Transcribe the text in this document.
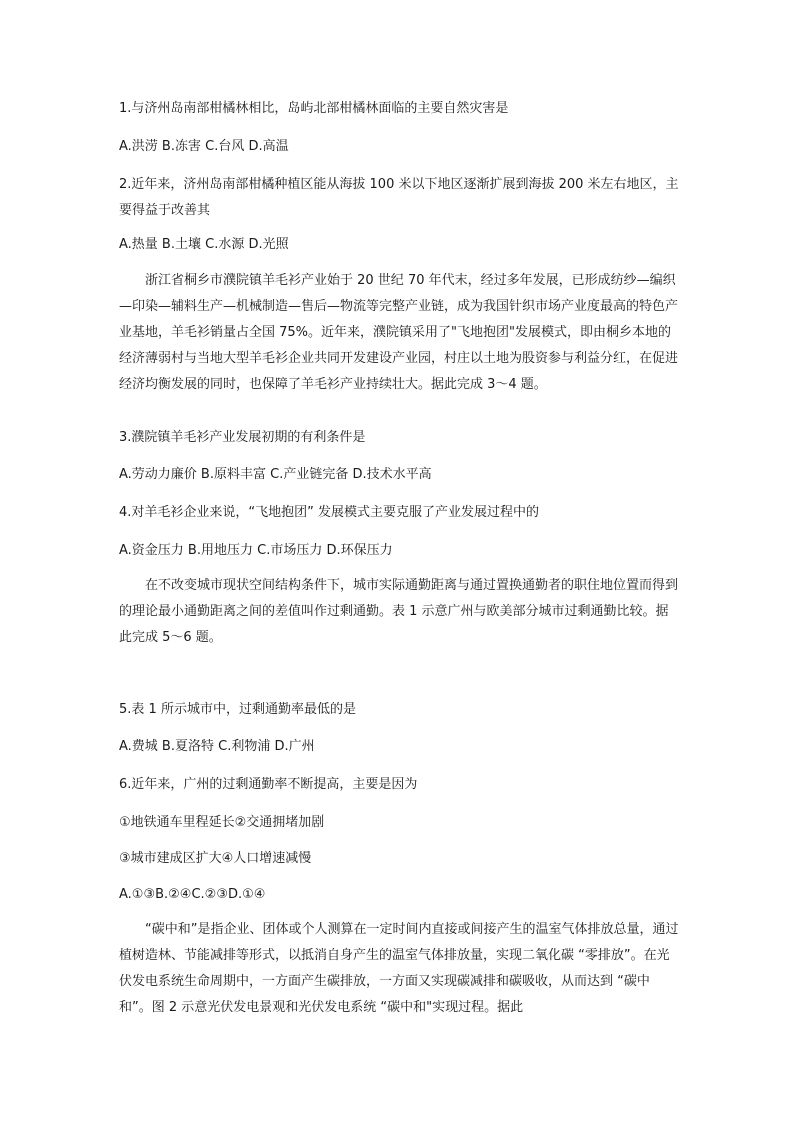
1.与济州岛南部柑橘林相比，岛屿北部柑橘林面临的主要自然灾害是
A.洪涝 B.冻害 C.台风 D.高温

2.近年来，济州岛南部柑橘种植区能从海拔 100 米以下地区逐渐扩展到海拔 200 米左右地区，主要得益于改善其

A.热量 B.土壤 C.水源 D.光照

浙江省桐乡市濮院镇羊毛衫产业始于 20 世纪 70 年代末，经过多年发展，已形成纺纱—编织—印染—辅料生产—机械制造—售后—物流等完整产业链，成为我国针织市场产业度最高的特色产业基地，羊毛衫销量占全国 75%。近年来，濮院镇采用了"飞地抱团"发展模式，即由桐乡本地的经济薄弱村与当地大型羊毛衫企业共同开发建设产业园，村庄以土地为股资参与利益分红，在促进经济均衡发展的同时，也保障了羊毛衫产业持续壮大。据此完成 3～4 题。

3.濮院镇羊毛衫产业发展初期的有利条件是
A.劳动力廉价 B.原料丰富 C.产业链完备 D.技术水平高
4.对羊毛衫企业来说，“飞地抱团” 发展模式主要克服了产业发展过程中的
A.资金压力 B.用地压力 C.市场压力 D.环保压力

在不改变城市现状空间结构条件下，城市实际通勤距离与通过置换通勤者的职住地位置而得到的理论最小通勤距离之间的差值叫作过剩通勤。表 1 示意广州与欧美部分城市过剩通勤比较。据此完成 5～6 题。

5.表 1 所示城市中，过剩通勤率最低的是
A.费城 B.夏洛特 C.利物浦 D.广州
6.近年来，广州的过剩通勤率不断提高，主要是因为
①地铁通车里程延长②交通拥堵加剧
③城市建成区扩大④人口增速减慢
A.①③B.②④C.②③D.①④

“碳中和”是指企业、团体或个人测算在一定时间内直接或间接产生的温室气体排放总量，通过植树造林、节能减排等形式，以抵消自身产生的温室气体排放量，实现二氧化碳 “零排放”。在光伏发电系统生命周期中，一方面产生碳排放，一方面又实现碳减排和碳吸收，从而达到 “碳中和”。图 2 示意光伏发电景观和光伏发电系统 “碳中和"实现过程。据此
